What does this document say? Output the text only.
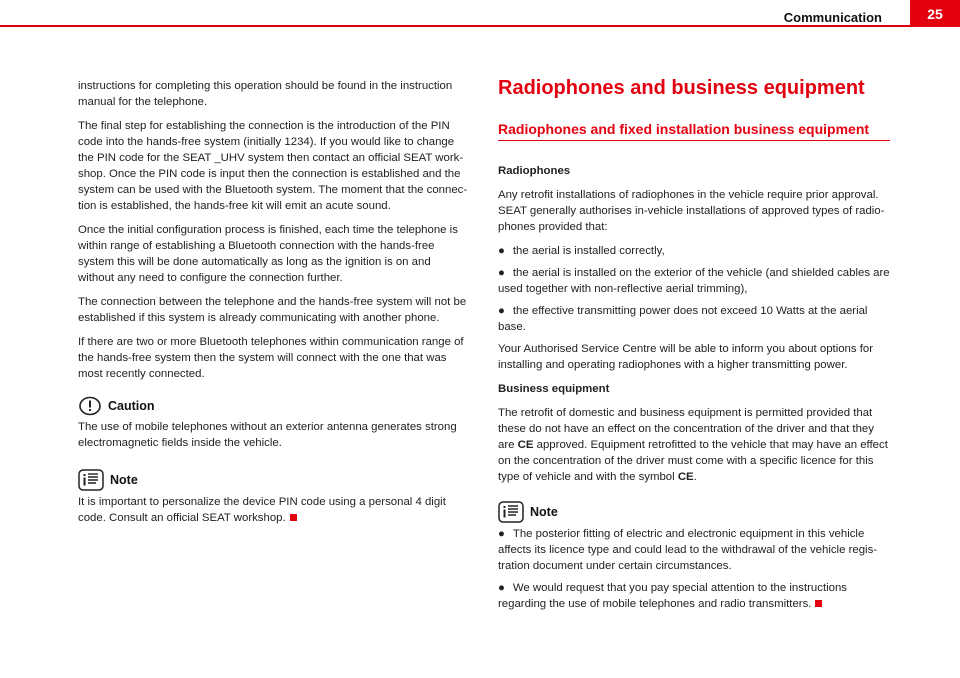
Communication	25

instructions for completing this operation should be found in the instruction manual for the telephone.

The final step for establishing the connection is the introduction of the PIN code into the hands-free system (initially 1234). If you would like to change the PIN code for the SEAT _UHV system then contact an official SEAT work-shop. Once the PIN code is input then the connection is established and the system can be used with the Bluetooth system. The moment that the connec-tion is established, the hands-free kit will emit an acute sound.

Once the initial configuration process is finished, each time the telephone is within range of establishing a Bluetooth connection with the hands-free system this will be done automatically as long as the ignition is on and without any need to configure the connection further.

The connection between the telephone and the hands-free system will not be established if this system is already communicating with another phone.

If there are two or more Bluetooth telephones within communication range of the hands-free system then the system will connect with the one that was most recently connected.

Caution

The use of mobile telephones without an exterior antenna generates strong electromagnetic fields inside the vehicle.

Note

It is important to personalize the device PIN code using a personal 4 digit code. Consult an official SEAT workshop.

Radiophones and business equipment
Radiophones and fixed installation business equipment

Radiophones

Any retrofit installations of radiophones in the vehicle require prior approval. SEAT generally authorises in-vehicle installations of approved types of radio-phones provided that:

● the aerial is installed correctly,
● the aerial is installed on the exterior of the vehicle (and shielded cables are used together with non-reflective aerial trimming),
● the effective transmitting power does not exceed 10 Watts at the aerial base.

Your Authorised Service Centre will be able to inform you about options for installing and operating radiophones with a higher transmitting power.

Business equipment

The retrofit of domestic and business equipment is permitted provided that these do not have an effect on the concentration of the driver and that they are CE approved. Equipment retrofitted to the vehicle that may have an effect on the concentration of the driver must come with a specific licence for this type of vehicle and with the symbol CE.

Note
● The posterior fitting of electric and electronic equipment in this vehicle affects its licence type and could lead to the withdrawal of the vehicle regis-tration document under certain circumstances.
● We would request that you pay special attention to the instructions regarding the use of mobile telephones and radio transmitters.
